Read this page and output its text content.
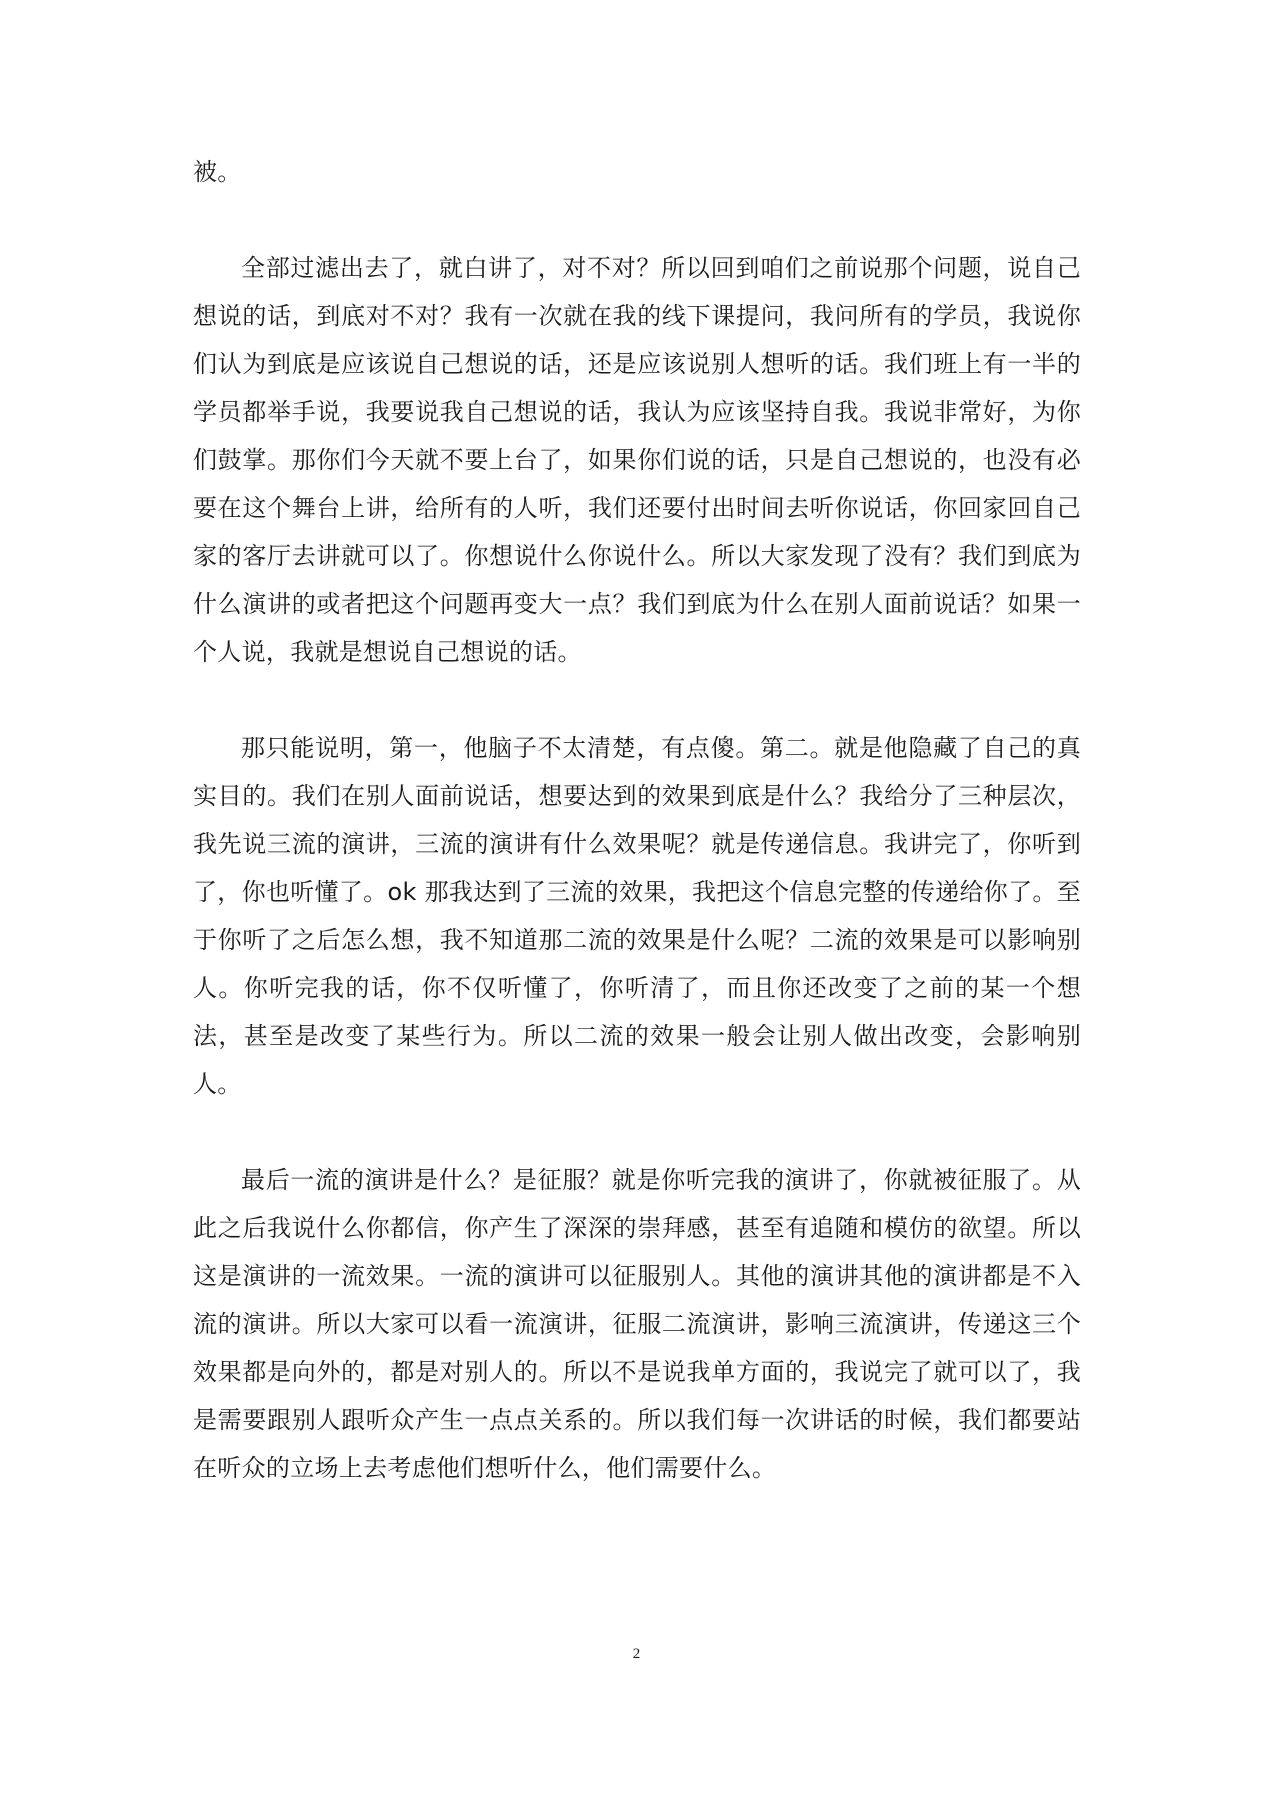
被。

全部过滤出去了，就白讲了，对不对？所以回到咱们之前说那个问题，说自己想说的话，到底对不对？我有一次就在我的线下课提问，我问所有的学员，我说你们认为到底是应该说自己想说的话，还是应该说别人想听的话。我们班上有一半的学员都举手说，我要说我自己想说的话，我认为应该坚持自我。我说非常好，为你们鼓掌。那你们今天就不要上台了，如果你们说的话，只是自己想说的，也没有必要在这个舞台上讲，给所有的人听，我们还要付出时间去听你说话，你回家回自己家的客厅去讲就可以了。你想说什么你说什么。所以大家发现了没有？我们到底为什么演讲的或者把这个问题再变大一点？我们到底为什么在别人面前说话？如果一个人说，我就是想说自己想说的话。

那只能说明，第一，他脑子不太清楚，有点傻。第二。就是他隐藏了自己的真实目的。我们在别人面前说话，想要达到的效果到底是什么？我给分了三种层次，我先说三流的演讲，三流的演讲有什么效果呢？就是传递信息。我讲完了，你听到了，你也听懂了。ok 那我达到了三流的效果，我把这个信息完整的传递给你了。至于你听了之后怎么想，我不知道那二流的效果是什么呢？二流的效果是可以影响别人。你听完我的话，你不仅听懂了，你听清了，而且你还改变了之前的某一个想法，甚至是改变了某些行为。所以二流的效果一般会让别人做出改变，会影响别人。

最后一流的演讲是什么？是征服？就是你听完我的演讲了，你就被征服了。从此之后我说什么你都信，你产生了深深的崇拜感，甚至有追随和模仿的欲望。所以这是演讲的一流效果。一流的演讲可以征服别人。其他的演讲其他的演讲都是不入流的演讲。所以大家可以看一流演讲，征服二流演讲，影响三流演讲，传递这三个效果都是向外的，都是对别人的。所以不是说我单方面的，我说完了就可以了，我是需要跟别人跟听众产生一点点关系的。所以我们每一次讲话的时候，我们都要站在听众的立场上去考虑他们想听什么，他们需要什么。

2
